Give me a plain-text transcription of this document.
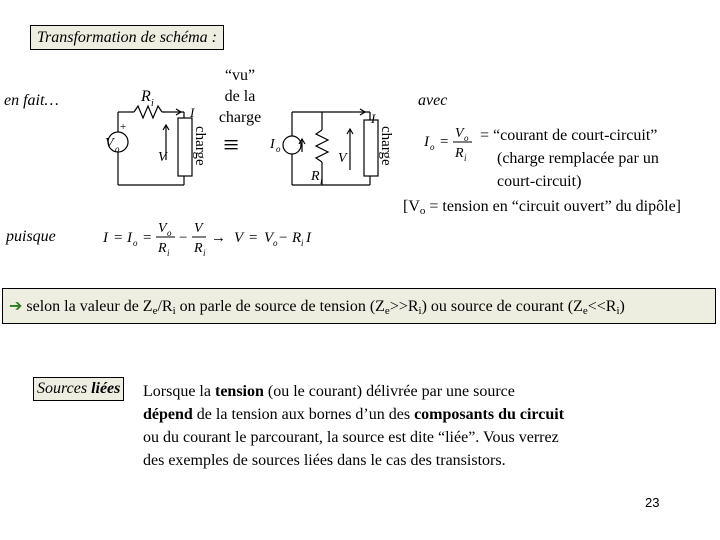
Transformation de schéma :
en fait…
≡
R i
I
+
V o
V charge
“vu”
de la
charge
I o
R i
V
I
charge I o =
V o
R i
I = I o =
V o
R i
−
V
R i
→ V = V o − R i I
avec
= “courant de court-circuit”
(charge remplacée par un
court-circuit)
[$V_o$ = tension en “circuit ouvert” du dipôle]
puisque
➔ selon la valeur de $Z_e/R_i$ on parle de source de tension $(Z_e>>R_i)$ ou source de courant $(Z_e<<R_i)$
Sources liées Lorsque la tension (ou le courant) délivrée par une source
dépend de la tension aux bornes d’un des composants du circuit
ou du courant le parcourant, la source est dite “liée”. Vous verrez
des exemples de sources liées dans le cas des transistors.
23
